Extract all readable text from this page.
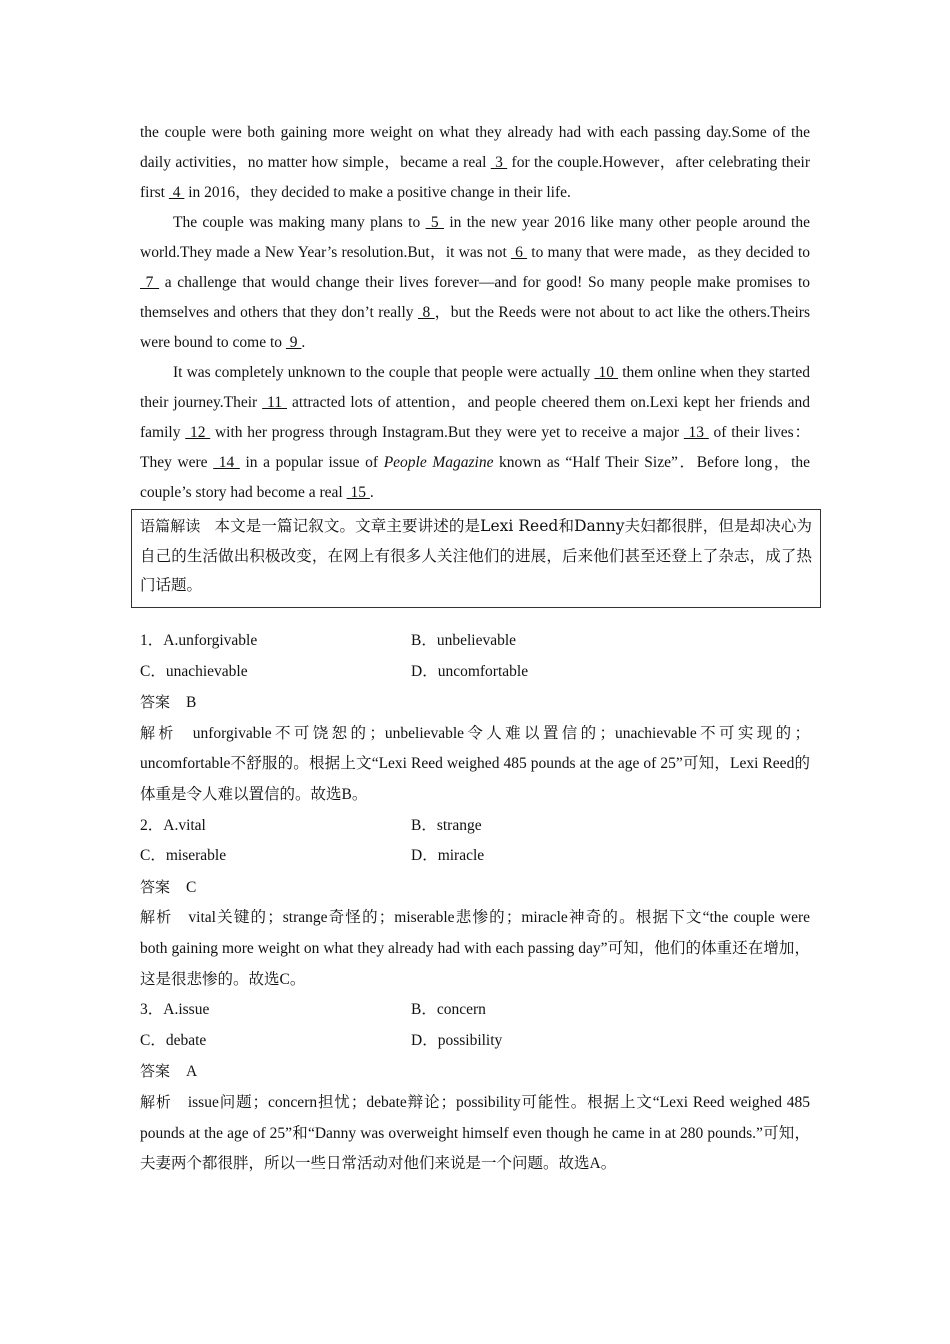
the couple were both gaining more weight on what they already had with each passing day.Some of the daily activities，no matter how simple，became a real  3  for the couple.However，after celebrating their first  4  in 2016，they decided to make a positive change in their life.

The couple was making many plans to  5  in the new year 2016 like many other people around the world.They made a New Year’s resolution.But，it was not  6  to many that were made，as they decided to  7  a challenge that would change their lives forever—and for good! So many people make promises to themselves and others that they don’t really  8 ，but the Reeds were not about to act like the others.Theirs were bound to come to  9 .

It was completely unknown to the couple that people were actually  10  them online when they started their journey.Their  11  attracted lots of attention，and people cheered them on.Lexi kept her friends and family  12  with her progress through Instagram.But they were yet to receive a major  13  of their lives：They were  14  in a popular issue of People Magazine known as “Half Their Size”．Before long，the couple’s story had become a real  15 .

语篇解读 本文是一篇记叙文。文章主要讲述的是Lexi Reed和Danny夫妇都很胖，但是却决心为自己的生活做出积极改变，在网上有很多人关注他们的进展，后来他们甚至还登上了杂志，成了热门话题。
1．A.unforgivable	B．unbelievable
C．unachievable	D．uncomfortable
答案 B

解析 unforgivable不可饶恕的；unbelievable令人难以置信的；unachievable不可实现的；uncomfortable不舒服的。根据上文“Lexi Reed weighed 485 pounds at the age of 25”可知，Lexi Reed的体重是令人难以置信的。故选B。

2．A.vital	B．strange
C．miserable	D．miracle
答案 C

解析 vital关键的；strange奇怪的；miserable悲惨的；miracle神奇的。根据下文“the couple were both gaining more weight on what they already had with each passing day”可知，他们的体重还在增加，这是很悲惨的。故选C。

3．A.issue	B．concern
C．debate	D．possibility
答案 A

解析 issue问题；concern担忧；debate辩论；possibility可能性。根据上文“Lexi Reed weighed 485 pounds at the age of 25”和“Danny was overweight himself even though he came in at 280 pounds.”可知，夫妻两个都很胖，所以一些日常活动对他们来说是一个问题。故选A。
